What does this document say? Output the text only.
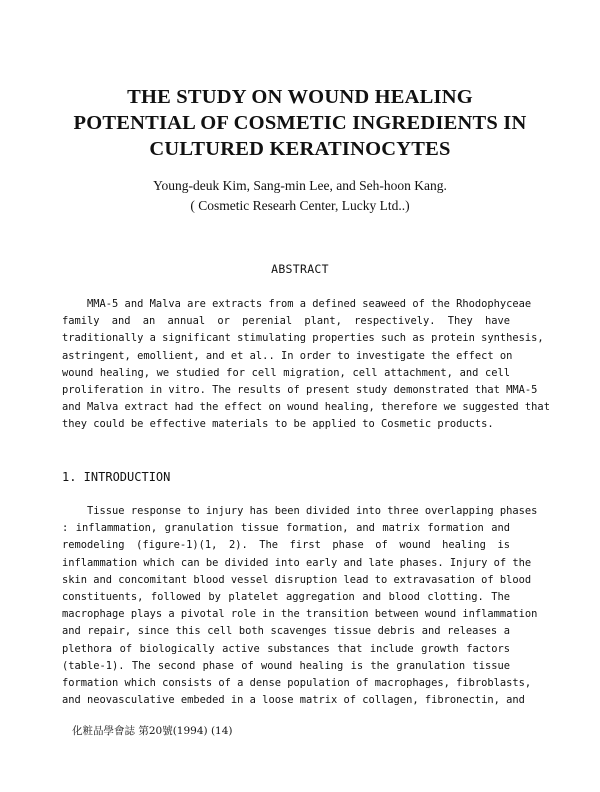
THE STUDY ON WOUND HEALING
POTENTIAL OF COSMETIC INGREDIENTS IN
CULTURED KERATINOCYTES
Young-deuk Kim, Sang-min Lee, and Seh-hoon Kang.
( Cosmetic Researh Center, Lucky Ltd..)
ABSTRACT
MMA-5 and Malva are extracts from a defined seaweed of the Rhodophyceae
family and an annual or perenial plant, respectively. They have
traditionally a significant stimulating properties such as protein synthesis,
astringent, emollient, and et al.. In order to investigate the effect on
wound healing, we studied for cell migration, cell attachment, and cell
proliferation in vitro. The results of present study demonstrated that MMA-5
and Malva extract had the effect on wound healing, therefore we suggested that
they could be effective materials to be applied to Cosmetic products.
1. INTRODUCTION
Tissue response to injury has been divided into three overlapping phases
: inflammation, granulation tissue formation, and matrix formation and
remodeling (figure-1)(1, 2). The first phase of wound healing is
inflammation which can be divided into early and late phases. Injury of the
skin and concomitant blood vessel disruption lead to extravasation of blood
constituents, followed by platelet aggregation and blood clotting. The
macrophage plays a pivotal role in the transition between wound inflammation
and repair, since this cell both scavenges tissue debris and releases a
plethora of biologically active substances that include growth factors
(table-1). The second phase of wound healing is the granulation tissue
formation which consists of a dense population of macrophages, fibroblasts,
and neovasculative embeded in a loose matrix of collagen, fibronectin, and
化粧品學會誌 第20號(1994) (14)
